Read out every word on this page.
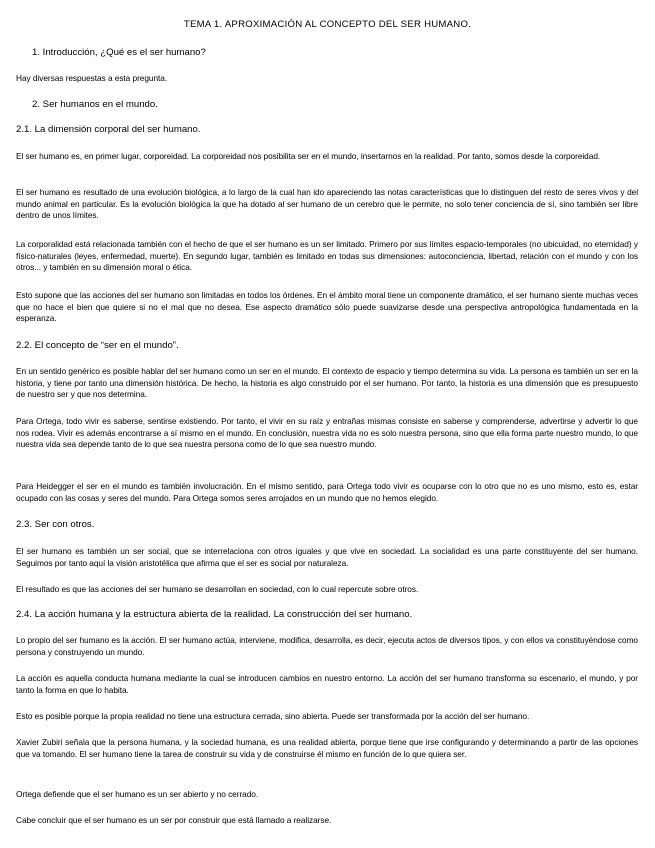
TEMA 1. APROXIMACIÓN AL CONCEPTO DEL SER HUMANO.
1. Introducción, ¿Qué es el ser humano?
Hay diversas respuestas a esta pregunta.
2. Ser humanos en el mundo.
2.1. La dimensión corporal del ser humano.
El ser humano es, en primer lugar, corporeidad. La corporeidad nos posibilita ser en el mundo, insertarnos en la realidad. Por tanto, somos desde la corporeidad.
El ser humano es resultado de una evolución biológica, a lo largo de la cual han ido apareciendo las notas características que lo distinguen del resto de seres vivos y del mundo animal en particular. Es la evolución biológica la que ha dotado al ser humano de un cerebro que le permite, no solo tener conciencia de sí, sino también ser libre dentro de unos límites.
La corporalidad está relacionada también con el hecho de que el ser humano es un ser limitado. Primero por sus límites espacio-temporales (no ubicuidad, no eternidad) y físico-naturales (leyes, enfermedad, muerte). En segundo lugar, también es limitado en todas sus dimensiones: autoconciencia, libertad, relación con el mundo y con los otros... y también en su dimensión moral o ética.
Esto supone que las acciones del ser humano son limitadas en todos los órdenes. En el ámbito moral tiene un componente dramático, el ser humano siente muchas veces que no hace el bien que quiere si no el mal que no desea. Ese aspecto dramático sólo puede suavizarse desde una perspectiva antropológica fundamentada en la esperanza.
2.2. El concepto de “ser en el mundo”.
En un sentido genérico es posible hablar del ser humano como un ser en el mundo. El contexto de espacio y tiempo determina su vida. La persona es también un ser en la historia, y tiene por tanto una dimensión histórica. De hecho, la historia es algo construido por el ser humano. Por tanto, la historia es una dimensión que es presupuesto de nuestro ser y que nos determina.
Para Ortega, todo vivir es saberse, sentirse existiendo. Por tanto, el vivir en su raíz y entrañas mismas consiste en saberse y comprenderse, advertirse y advertir lo que nos rodea. Vivir es además encontrarse a sí mismo en el mundo. En conclusión, nuestra vida no es solo nuestra persona, sino que ella forma parte nuestro mundo, lo que nuestra vida sea depende tanto de lo que sea nuestra persona como de lo que sea nuestro mundo.
Para Heidegger el ser en el mundo es también involucración. En el mismo sentido, para Ortega todo vivir es ocuparse con lo otro que no es uno mismo, esto es, estar ocupado con las cosas y seres del mundo. Para Ortega somos seres arrojados en un mundo que no hemos elegido.
2.3. Ser con otros.
El ser humano es también un ser social, que se interrelaciona con otros iguales y que vive en sociedad. La socialidad es una parte constituyente del ser humano. Seguimos por tanto aquí la visión aristotélica que afirma que el ser es social por naturaleza.
El resultado es que las acciones del ser humano se desarrollan en sociedad, con lo cual repercute sobre otros.
2.4. La acción humana y la estructura abierta de la realidad. La construcción del ser humano.
Lo propio del ser humano es la acción. El ser humano actúa, interviene, modifica, desarrolla, es decir, ejecuta actos de diversos tipos, y con ellos va constituyéndose como persona y construyendo un mundo.
La acción es aquella conducta humana mediante la cual se introducen cambios en nuestro entorno. La acción del ser humano transforma su escenario, el mundo, y por tanto la forma en que lo habita.
Esto es posible porque la propia realidad no tiene una estructura cerrada, sino abierta. Puede ser transformada por la acción del ser humano.
Xavier Zubiri señala que la persona humana, y la sociedad humana, es una realidad abierta, porque tiene que irse configurando y determinando a partir de las opciones que va tomando. El ser humano tiene la tarea de construir su vida y de construirse él mismo en función de lo que quiera ser.
Ortega defiende que el ser humano es un ser abierto y no cerrado.
Cabe concluir que el ser humano es un ser por construir que está llamado a realizarse.
